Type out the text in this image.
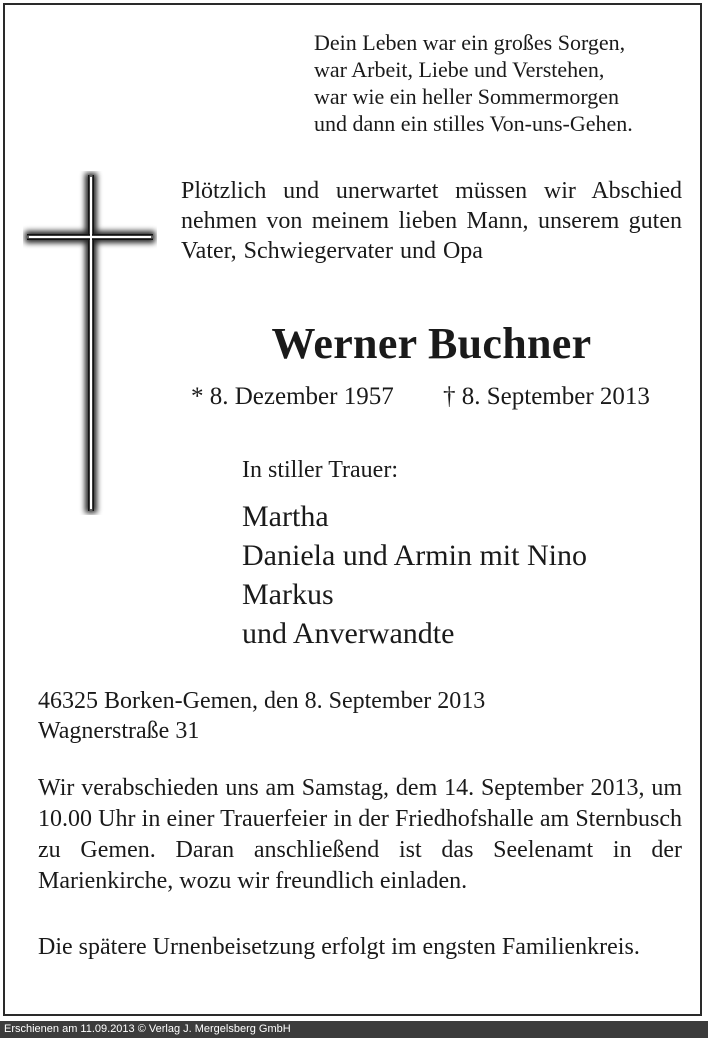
Dein Leben war ein großes Sorgen,
war Arbeit, Liebe und Verstehen,
war wie ein heller Sommermorgen
und dann ein stilles Von-uns-Gehen.
Plötzlich und unerwartet müssen wir Abschied nehmen von meinem lieben Mann, unserem guten Vater, Schwiegervater und Opa
Werner Buchner
* 8. Dezember 1957 † 8. September 2013
In stiller Trauer:
Martha
Daniela und Armin mit Nino
Markus
und Anverwandte
46325 Borken-Gemen, den 8. September 2013
Wagnerstraße 31

Wir verabschieden uns am Samstag, dem 14. September 2013, um 10.00 Uhr in einer Trauerfeier in der Friedhofshalle am Sternbusch zu Gemen. Daran anschließend ist das Seelenamt in der Marienkirche, wozu wir freundlich einladen.

Die spätere Urnenbeisetzung erfolgt im engsten Familienkreis.

Erschienen am 11.09.2013 © Verlag J. Mergelsberg GmbH
